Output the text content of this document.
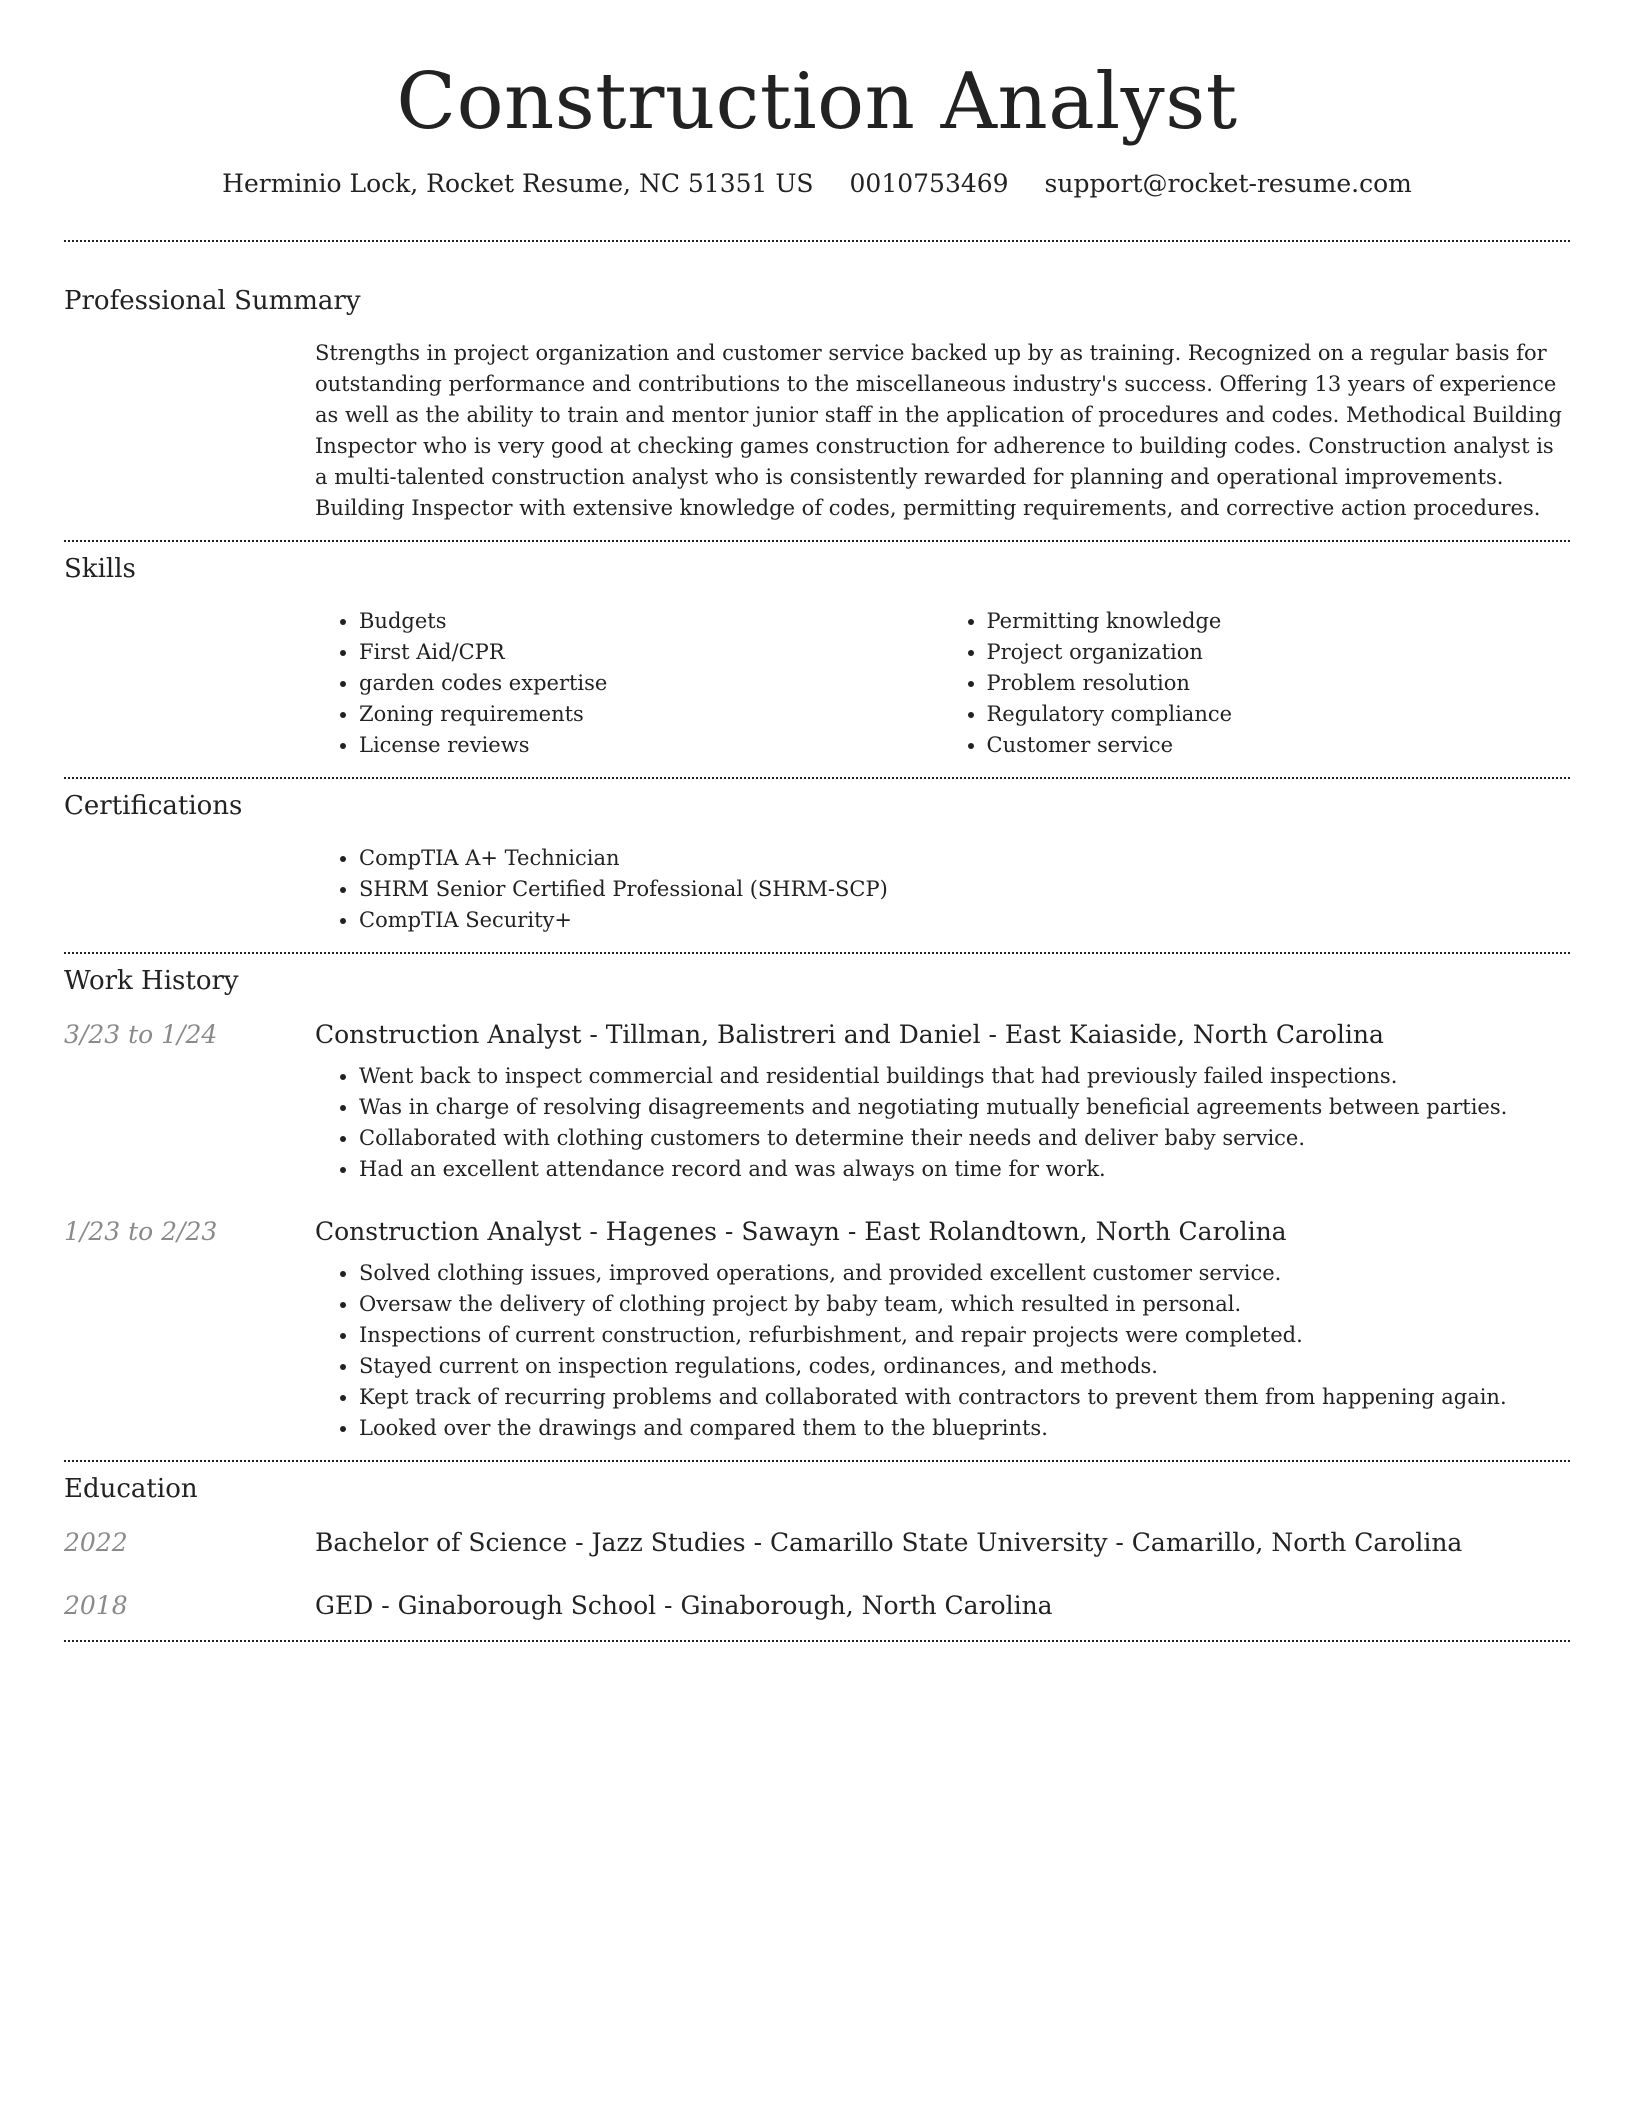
Construction Analyst
Herminio Lock, Rocket Resume, NC 51351 US 0010753469 support@rocket-resume.com
Professional Summary
Strengths in project organization and customer service backed up by as training. Recognized on a regular basis for outstanding performance and contributions to the miscellaneous industry's success. Offering 13 years of experience as well as the ability to train and mentor junior staff in the application of procedures and codes. Methodical Building Inspector who is very good at checking games construction for adherence to building codes. Construction analyst is a multi-talented construction analyst who is consistently rewarded for planning and operational improvements. Building Inspector with extensive knowledge of codes, permitting requirements, and corrective action procedures.
Skills
• Budgets
• First Aid/CPR
• garden codes expertise
• Zoning requirements
• License reviews
• Permitting knowledge
• Project organization
• Problem resolution
• Regulatory compliance
• Customer service
Certifications
• CompTIA A+ Technician
• SHRM Senior Certified Professional (SHRM-SCP)
• CompTIA Security+
Work History
3/23 to 1/24	Construction Analyst - Tillman, Balistreri and Daniel - East Kaiaside, North Carolina
• Went back to inspect commercial and residential buildings that had previously failed inspections.
• Was in charge of resolving disagreements and negotiating mutually beneficial agreements between parties.
• Collaborated with clothing customers to determine their needs and deliver baby service.
• Had an excellent attendance record and was always on time for work.
1/23 to 2/23	Construction Analyst - Hagenes - Sawayn - East Rolandtown, North Carolina
• Solved clothing issues, improved operations, and provided excellent customer service.
• Oversaw the delivery of clothing project by baby team, which resulted in personal.
• Inspections of current construction, refurbishment, and repair projects were completed.
• Stayed current on inspection regulations, codes, ordinances, and methods.
• Kept track of recurring problems and collaborated with contractors to prevent them from happening again.
• Looked over the drawings and compared them to the blueprints.
Education
2022	Bachelor of Science - Jazz Studies - Camarillo State University - Camarillo, North Carolina
2018	GED - Ginaborough School - Ginaborough, North Carolina
